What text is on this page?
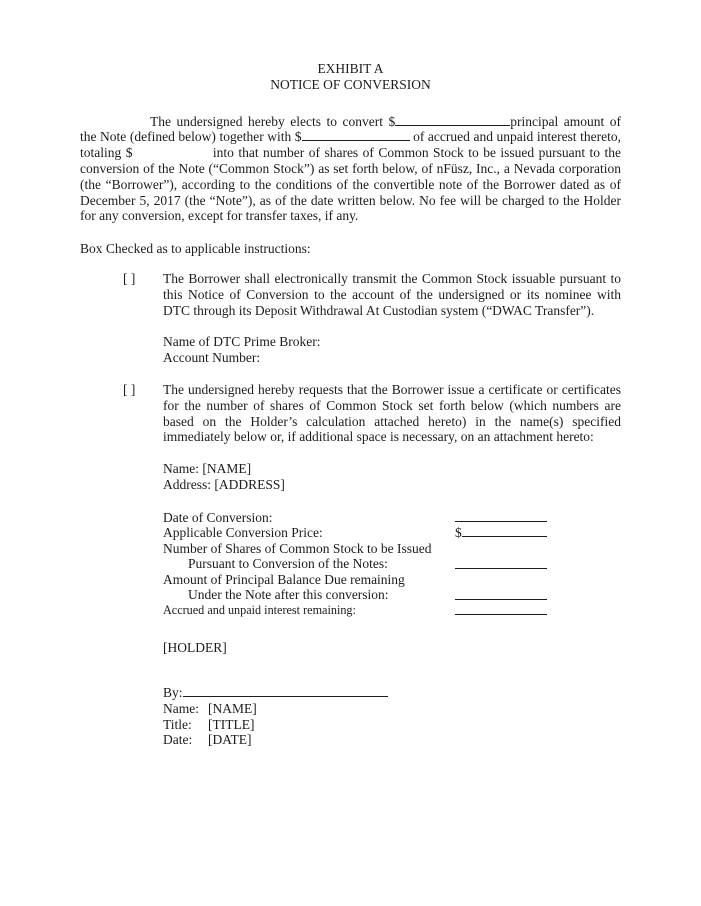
EXHIBIT A
NOTICE OF CONVERSION
The undersigned hereby elects to convert $	principal amount of the Note (defined below) together with $	of accrued and unpaid interest thereto, totaling $	into that number of shares of Common Stock to be issued pursuant to the conversion of the Note (“Common Stock”) as set forth below, of nFüsz, Inc., a Nevada corporation (the “Borrower”), according to the conditions of the convertible note of the Borrower dated as of December 5, 2017 (the “Note”), as of the date written below. No fee will be charged to the Holder for any conversion, except for transfer taxes, if any.
Box Checked as to applicable instructions:
[ ]	The Borrower shall electronically transmit the Common Stock issuable pursuant to this Notice of Conversion to the account of the undersigned or its nominee with DTC through its Deposit Withdrawal At Custodian system (“DWAC Transfer”).
Name of DTC Prime Broker:
Account Number:
[ ]	The undersigned hereby requests that the Borrower issue a certificate or certificates for the number of shares of Common Stock set forth below (which numbers are based on the Holder’s calculation attached hereto) in the name(s) specified immediately below or, if additional space is necessary, on an attachment hereto:
Name: [NAME]
Address: [ADDRESS]
Date of Conversion:
Applicable Conversion Price:	$
Number of Shares of Common Stock to be Issued
Pursuant to Conversion of the Notes:
Amount of Principal Balance Due remaining
Under the Note after this conversion:
Accrued and unpaid interest remaining:
[HOLDER]
By:
Name: [NAME]
Title: [TITLE]
Date: [DATE]
